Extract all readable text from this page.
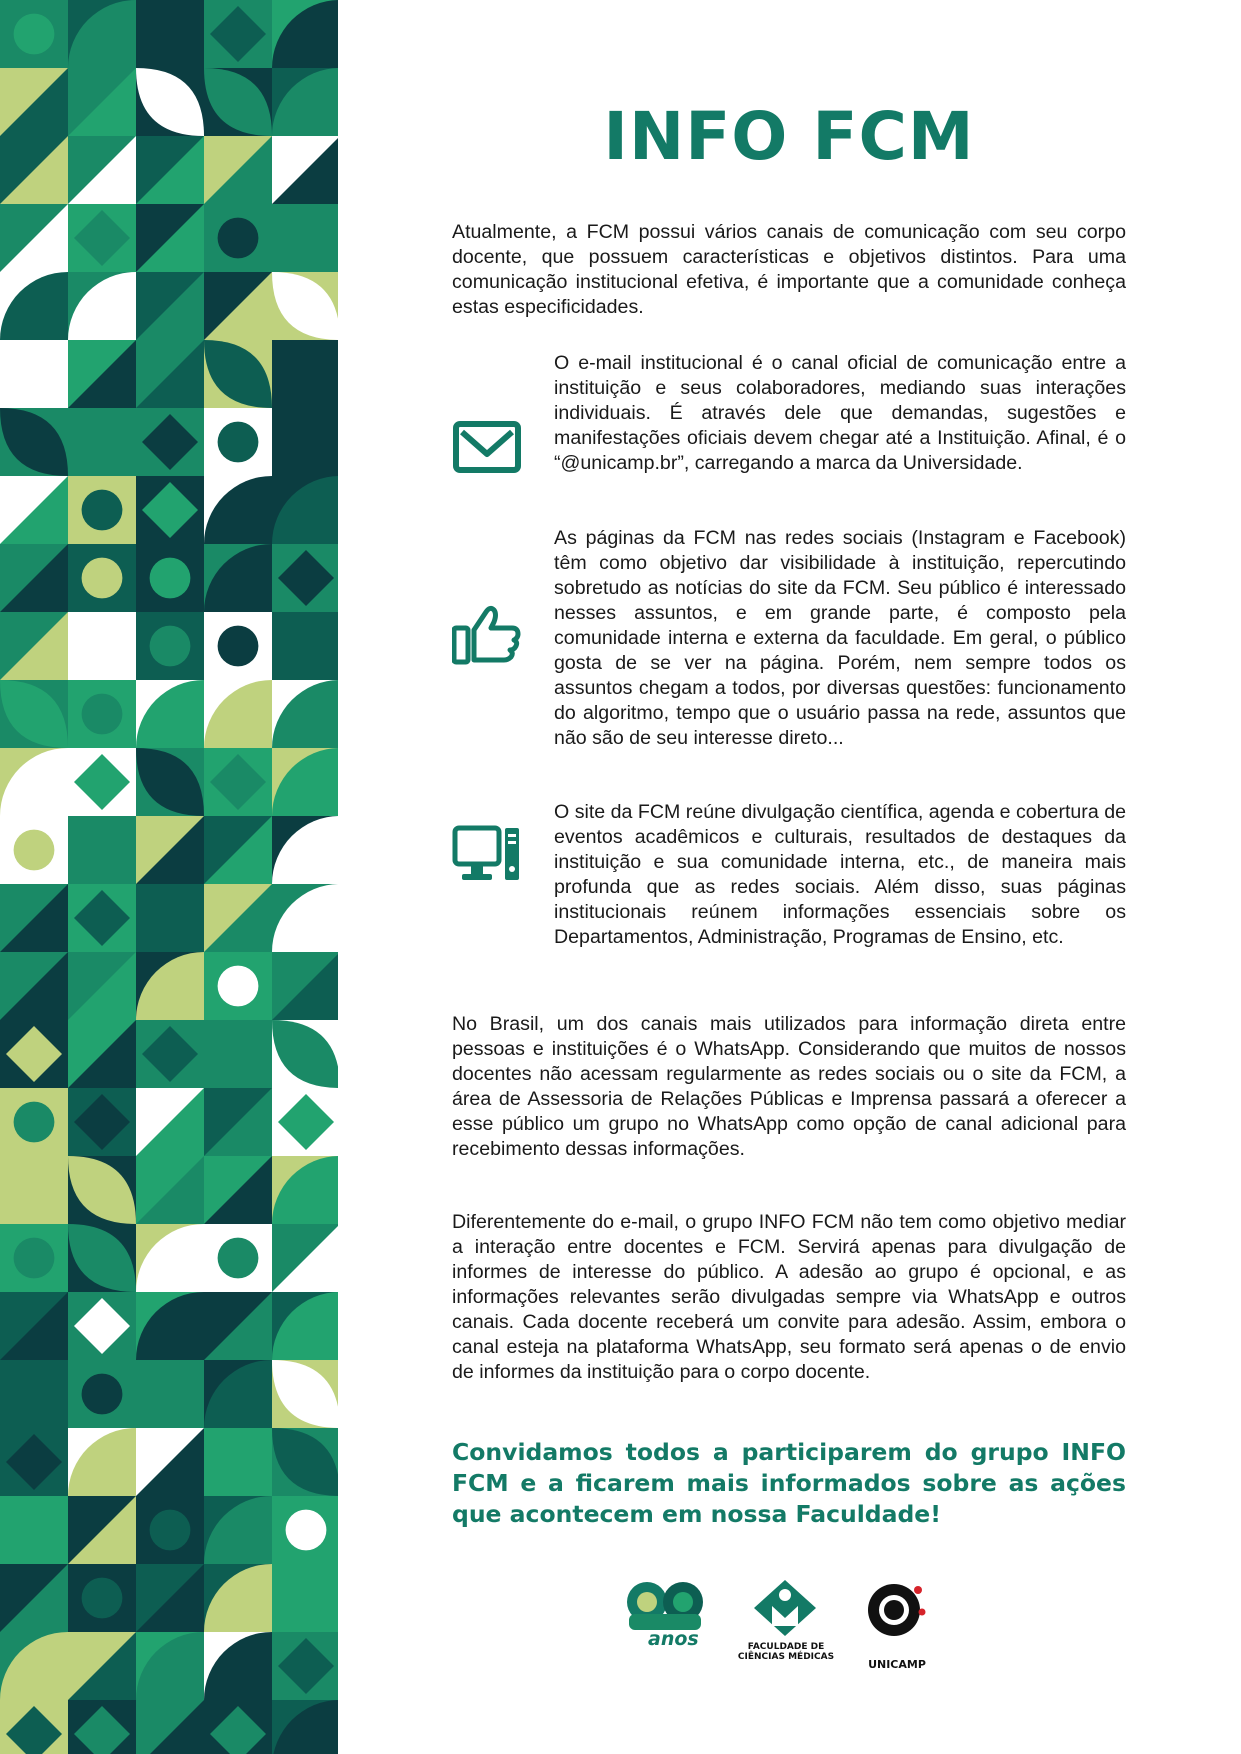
INFO FCM

Atualmente, a FCM possui vários canais de comunicação com seu corpo docente, que possuem características e objetivos distintos. Para uma comunicação institucional efetiva, é importante que a comunidade conheça estas especificidades.

O e-mail institucional é o canal oficial de comunicação entre a instituição e seus colaboradores, mediando suas interações individuais. É através dele que demandas, sugestões e manifestações oficiais devem chegar até a Instituição. Afinal, é o “@unicamp.br”, carregando a marca da Universidade.

As páginas da FCM nas redes sociais (Instagram e Facebook) têm como objetivo dar visibilidade à instituição, repercutindo sobretudo as notícias do site da FCM. Seu público é interessado nesses assuntos, e em grande parte, é composto pela comunidade interna e externa da faculdade. Em geral, o público gosta de se ver na página. Porém, nem sempre todos os assuntos chegam a todos, por diversas questões: funcionamento do algoritmo, tempo que o usuário passa na rede, assuntos que não são de seu interesse direto...

O site da FCM reúne divulgação científica, agenda e cobertura de eventos acadêmicos e culturais, resultados de destaques da instituição e sua comunidade interna, etc., de maneira mais profunda que as redes sociais. Além disso, suas páginas institucionais reúnem informações essenciais sobre os Departamentos, Administração, Programas de Ensino, etc.

No Brasil, um dos canais mais utilizados para informação direta entre pessoas e instituições é o WhatsApp. Considerando que muitos de nossos docentes não acessam regularmente as redes sociais ou o site da FCM, a área de Assessoria de Relações Públicas e Imprensa passará a oferecer a esse público um grupo no WhatsApp como opção de canal adicional para recebimento dessas informações.

Diferentemente do e-mail, o grupo INFO FCM não tem como objetivo mediar a interação entre docentes e FCM. Servirá apenas para divulgação de informes de interesse do público. A adesão ao grupo é opcional, e as informações relevantes serão divulgadas sempre via WhatsApp e outros canais. Cada docente receberá um convite para adesão. Assim, embora o canal esteja na plataforma WhatsApp, seu formato será apenas o de envio de informes da instituição para o corpo docente.

Convidamos todos a participarem do grupo INFO FCM e a ficarem mais informados sobre as ações que acontecem em nossa Faculdade!

anos	FACULDADE DE
CIÊNCIAS MÉDICAS
UNICAMP
